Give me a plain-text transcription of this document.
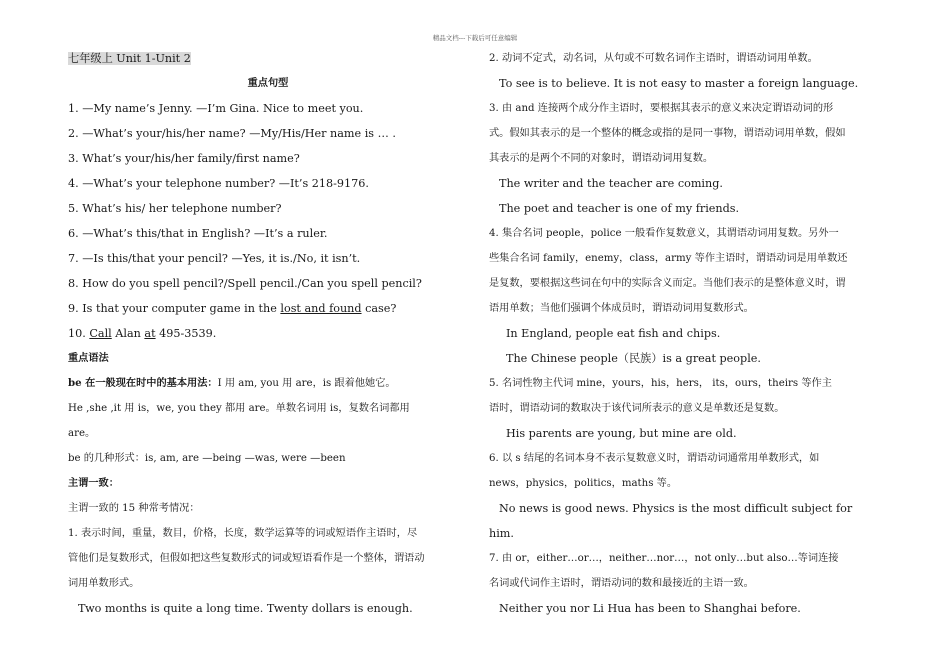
精品文档---下载后可任意编辑
七年级上 Unit 1-Unit 2
重点句型
1. —My name’s Jenny. —I’m Gina. Nice to meet you.
2. —What’s your/his/her name? —My/His/Her name is … .
3. What’s your/his/her family/first name?
4. —What’s your telephone number? —It’s 218-9176.
5. What’s his/ her telephone number?
6. —What’s this/that in English? —It’s a ruler.
7. —Is this/that your pencil? —Yes, it is./No, it isn’t.
8. How do you spell pencil?/Spell pencil./Can you spell pencil?
9. Is that your computer game in the lost and found case?
10. Call Alan at 495-3539.
重点语法
be 在一般现在时中的基本用法：I 用 am, you 用 are，is 跟着他她它。
He ,she ,it 用 is，we, you they 都用 are。单数名词用 is，复数名词都用
are。
be 的几种形式：is, am, are —being —was, were —been
主谓一致：
主谓一致的 15 种常考情况：
1. 表示时间，重量，数目，价格，长度，数学运算等的词或短语作主语时，尽
管他们是复数形式，但假如把这些复数形式的词或短语看作是一个整体，谓语动
词用单数形式。
Two months is quite a long time. Twenty dollars is enough.
2. 动词不定式，动名词，从句或不可数名词作主语时，谓语动词用单数。
To see is to believe. It is not easy to master a foreign language.
3. 由 and 连接两个成分作主语时，要根据其表示的意义来决定谓语动词的形
式。假如其表示的是一个整体的概念或指的是同一事物，谓语动词用单数，假如
其表示的是两个不同的对象时，谓语动词用复数。
The writer and the teacher are coming.
The poet and teacher is one of my friends.
4. 集合名词 people，police 一般看作复数意义，其谓语动词用复数。另外一
些集合名词 family，enemy，class，army 等作主语时，谓语动词是用单数还
是复数，要根据这些词在句中的实际含义而定。当他们表示的是整体意义时，谓
语用单数；当他们强调个体成员时，谓语动词用复数形式。
In England, people eat fish and chips.
The Chinese people（民族）is a great people.
5. 名词性物主代词 mine，yours，his，hers， its，ours，theirs 等作主
语时，谓语动词的数取决于该代词所表示的意义是单数还是复数。
His parents are young, but mine are old.
6. 以 s 结尾的名词本身不表示复数意义时，谓语动词通常用单数形式，如
news，physics，politics，maths 等。
No news is good news. Physics is the most difficult subject for
him.
7. 由 or，either…or…，neither…nor…，not only…but also…等词连接
名词或代词作主语时，谓语动词的数和最接近的主语一致。
Neither you nor Li Hua has been to Shanghai before.
